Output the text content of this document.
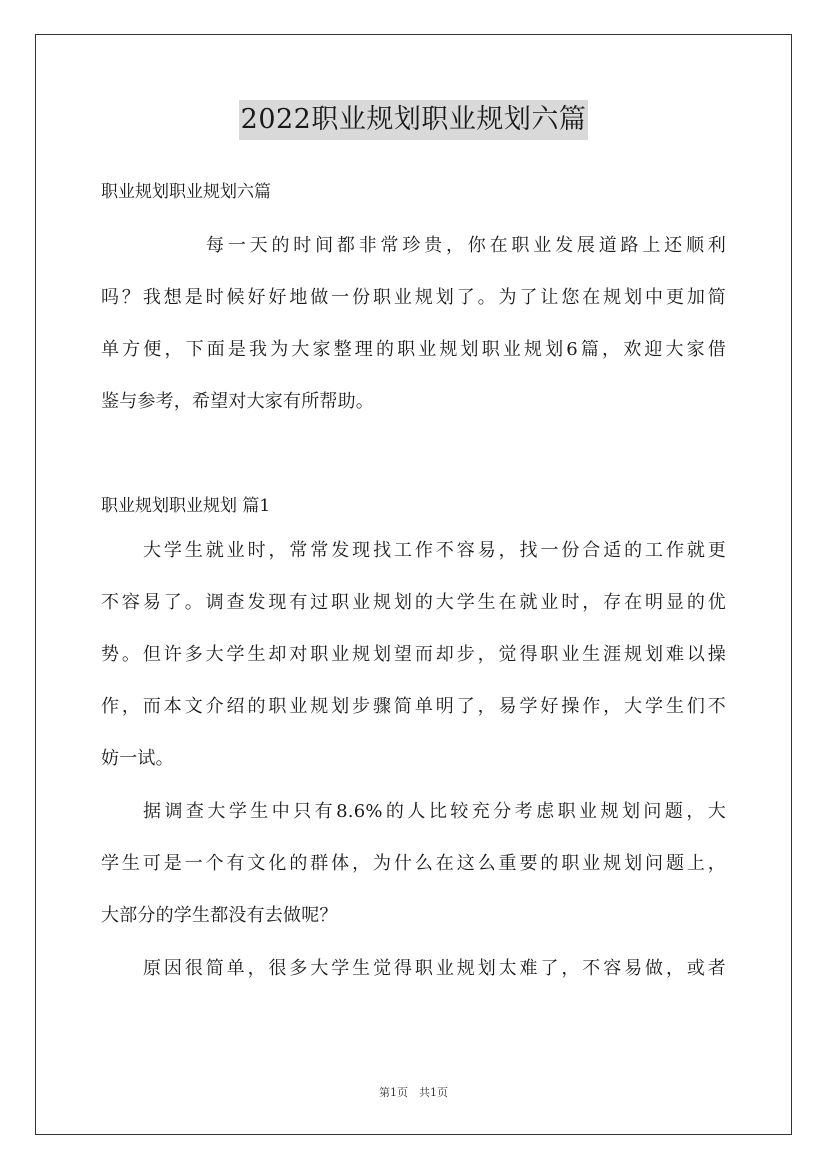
2022职业规划职业规划六篇
职业规划职业规划六篇
每一天的时间都非常珍贵，你在职业发展道路上还顺利
吗？我想是时候好好地做一份职业规划了。为了让您在规划中更加简
单方便，下面是我为大家整理的职业规划职业规划6篇，欢迎大家借
鉴与参考，希望对大家有所帮助。
职业规划职业规划 篇1
大学生就业时，常常发现找工作不容易，找一份合适的工作就更
不容易了。调查发现有过职业规划的大学生在就业时，存在明显的优
势。但许多大学生却对职业规划望而却步，觉得职业生涯规划难以操
作，而本文介绍的职业规划步骤简单明了，易学好操作，大学生们不
妨一试。
据调查大学生中只有8.6%的人比较充分考虑职业规划问题，大
学生可是一个有文化的群体，为什么在这么重要的职业规划问题上，
大部分的学生都没有去做呢？
原因很简单，很多大学生觉得职业规划太难了，不容易做，或者
第1页　共1页
